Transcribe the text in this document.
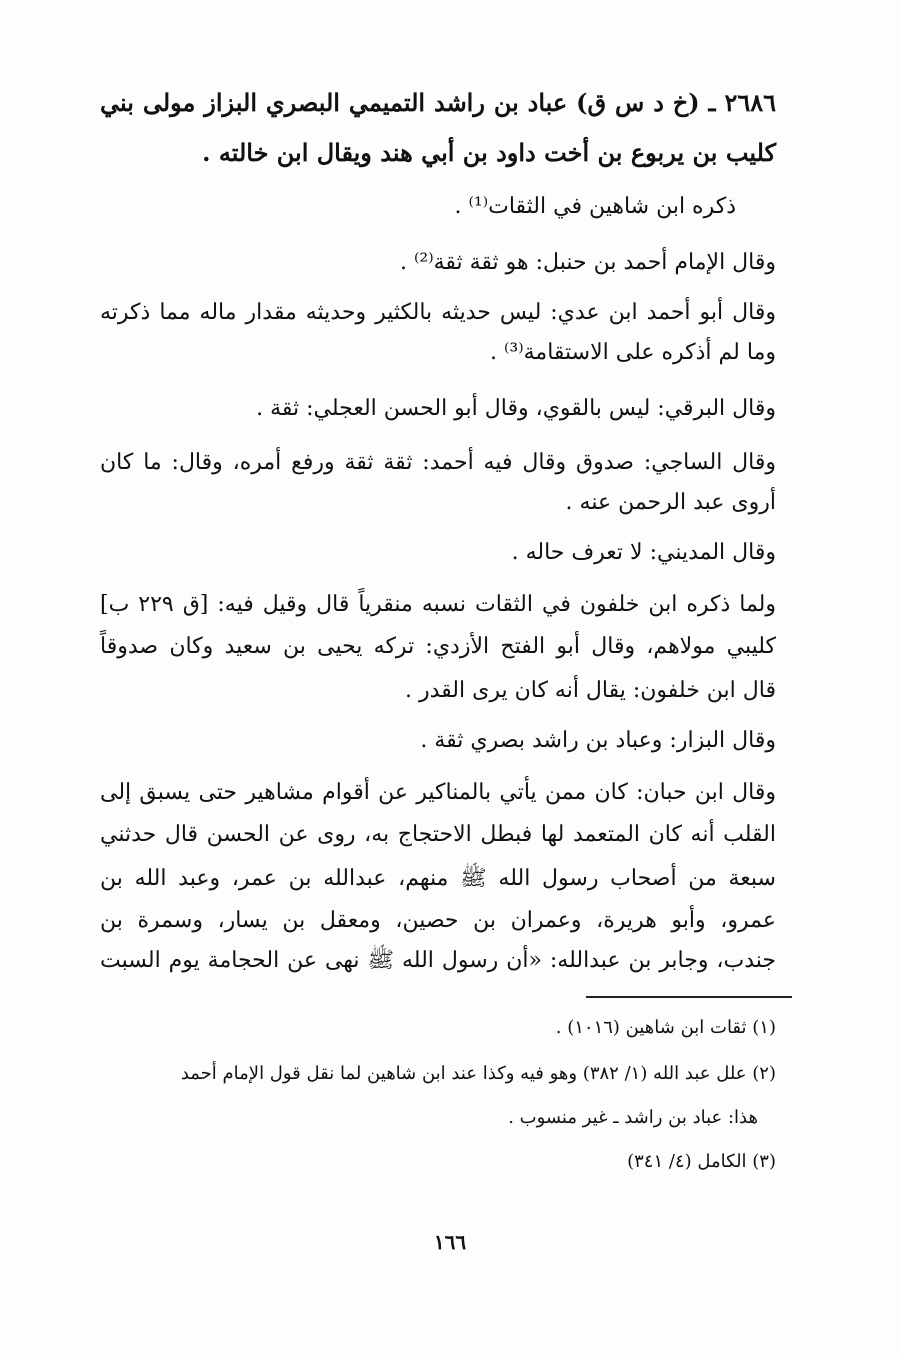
٢٦٨٦ ـ (خ د س ق) عباد بن راشد التميمي البصري البزاز مولى بني
كليب بن يربوع بن أخت داود بن أبي هند ويقال ابن خالته .
ذكره ابن شاهين في الثقات⁽¹⁾ .
وقال الإمام أحمد بن حنبل: هو ثقة ثقة⁽²⁾ .
وقال أبو أحمد ابن عدي: ليس حديثه بالكثير وحديثه مقدار ماله مما ذكرته
وما لم أذكره على الاستقامة⁽³⁾ .
وقال البرقي: ليس بالقوي، وقال أبو الحسن العجلي: ثقة .
وقال الساجي: صدوق وقال فيه أحمد: ثقة ثقة ورفع أمره، وقال: ما كان
أروى عبد الرحمن عنه .
وقال المديني: لا تعرف حاله .
ولما ذكره ابن خلفون في الثقات نسبه منقرياً قال وقيل فيه: [ق ٢٢٩ ب]
كليبي مولاهم، وقال أبو الفتح الأزدي: تركه يحيى بن سعيد وكان صدوقاً
قال ابن خلفون: يقال أنه كان يرى القدر .
وقال البزار: وعباد بن راشد بصري ثقة .
وقال ابن حبان: كان ممن يأتي بالمناكير عن أقوام مشاهير حتى يسبق إلى
القلب أنه كان المتعمد لها فبطل الاحتجاج به، روى عن الحسن قال حدثني
سبعة من أصحاب رسول الله ﷺ منهم، عبدالله بن عمر، وعبد الله بن
عمرو، وأبو هريرة، وعمران بن حصين، ومعقل بن يسار، وسمرة بن
جندب، وجابر بن عبدالله: «أن رسول الله ﷺ نهى عن الحجامة يوم السبت
(١) ثقات ابن شاهين (١٠١٦) .
(٢) علل عبد الله (١/ ٣٨٢) وهو فيه وكذا عند ابن شاهين لما نقل قول الإمام أحمد
هذا: عباد بن راشد ـ غير منسوب .
(٣) الكامل (٤/ ٣٤١)
١٦٦
